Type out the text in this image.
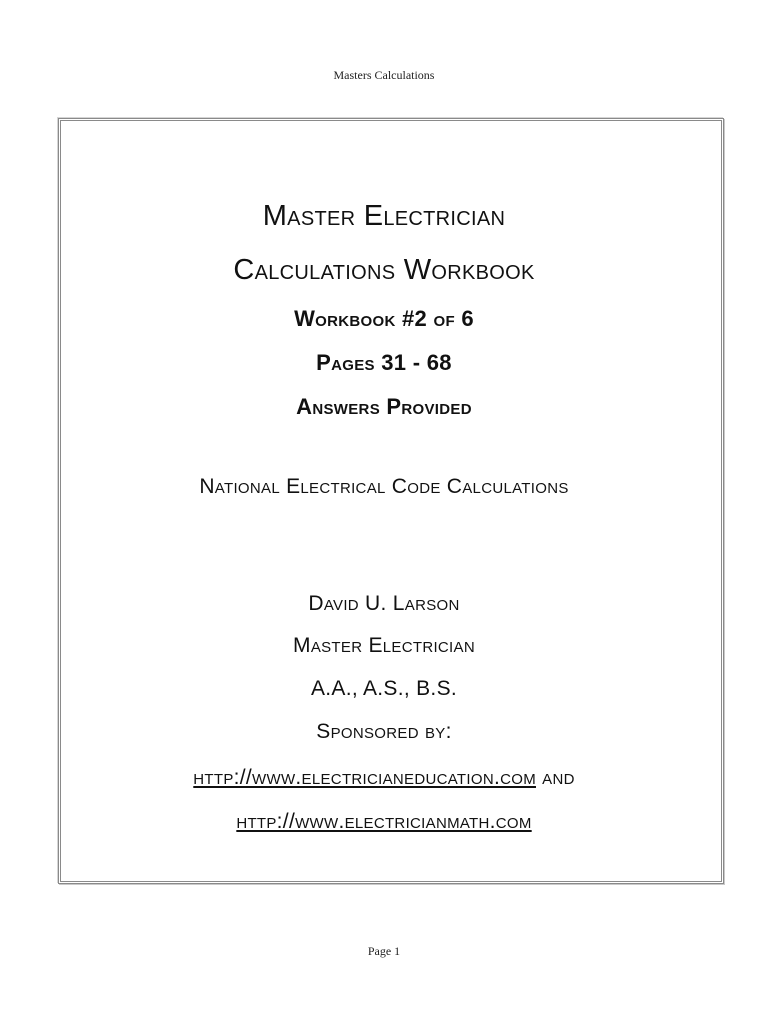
Masters Calculations
Master Electrician
Calculations Workbook
Workbook #2 of 6
Pages 31 - 68
Answers Provided
National Electrical Code Calculations
David U. Larson
Master Electrician
A.A., A.S., B.S.
Sponsored by:
http://www.electricianeducation.com and
http://www.electricianmath.com
Page 1
